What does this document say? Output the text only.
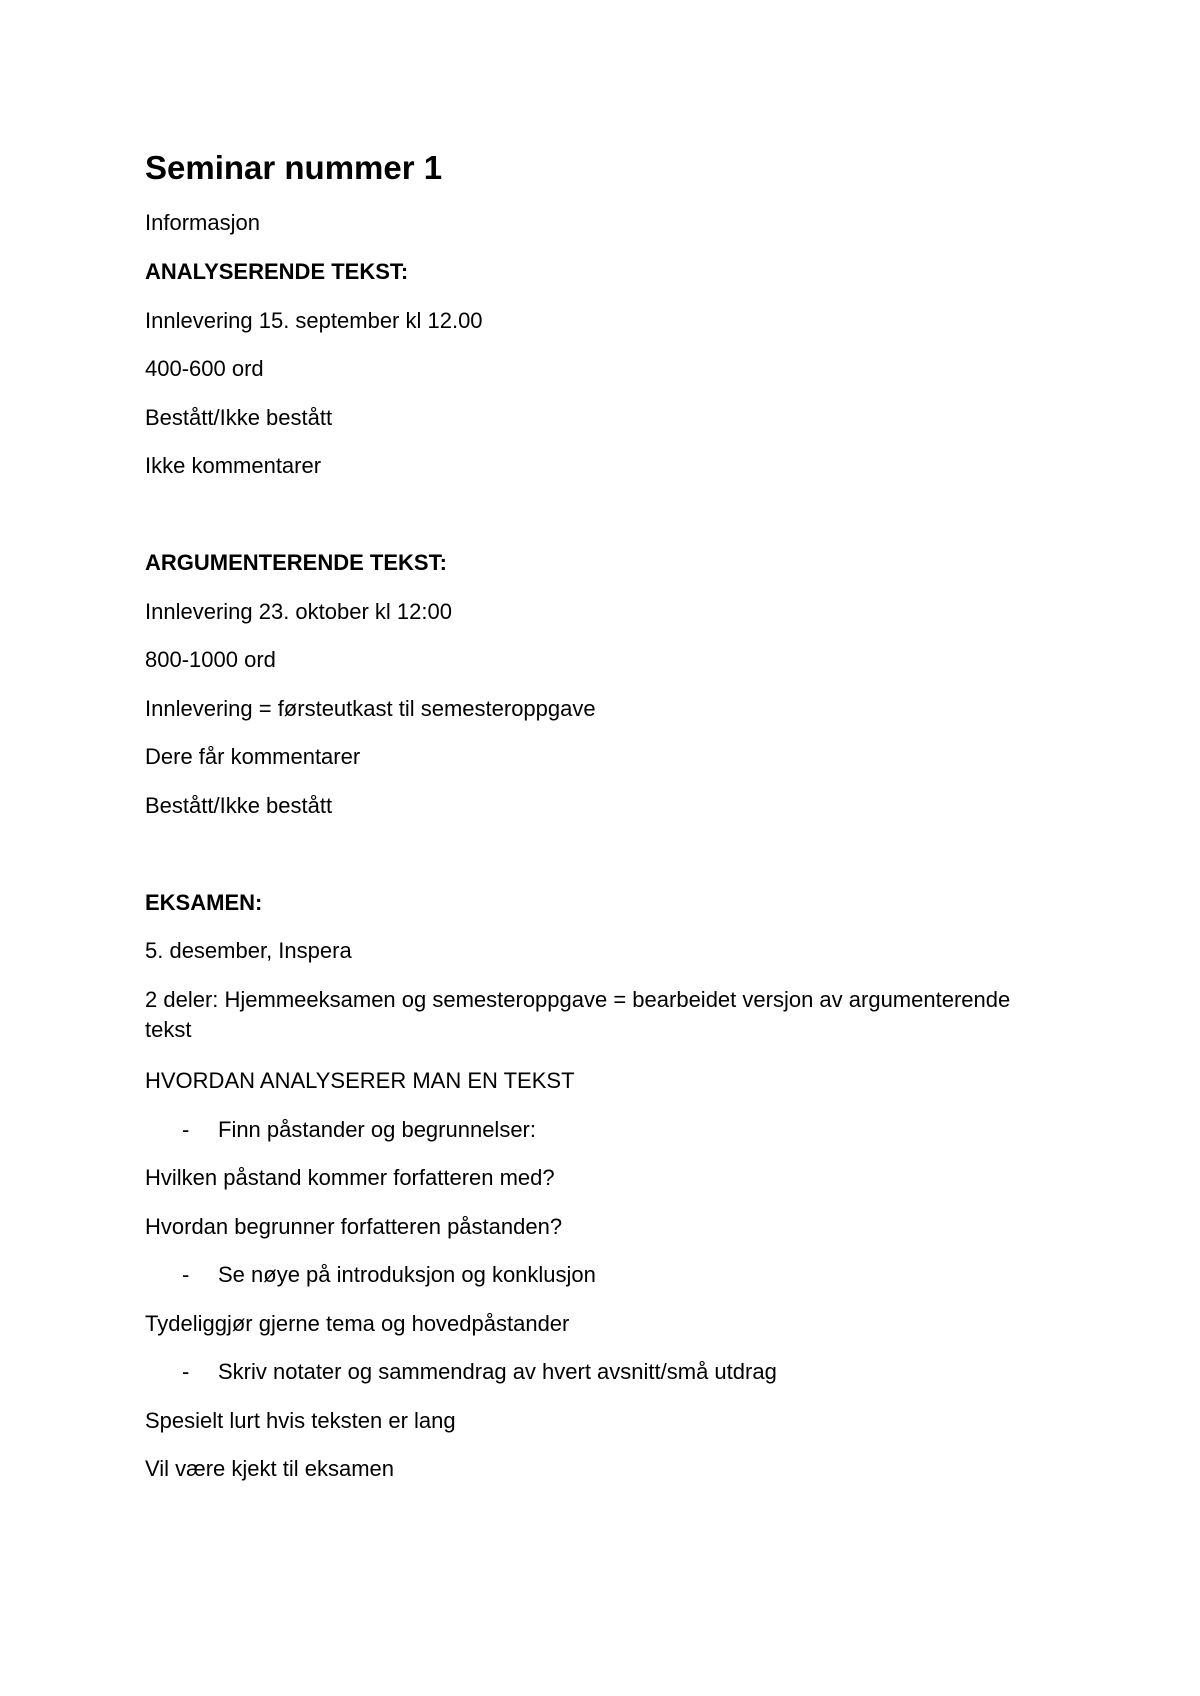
Seminar nummer 1
Informasjon
ANALYSERENDE TEKST:
Innlevering 15. september kl 12.00
400-600 ord
Bestått/Ikke bestått
Ikke kommentarer
ARGUMENTERENDE TEKST:
Innlevering 23. oktober kl 12:00
800-1000 ord
Innlevering = førsteutkast til semesteroppgave
Dere får kommentarer
Bestått/Ikke bestått
EKSAMEN:
5. desember, Inspera
2 deler: Hjemmeeksamen og semesteroppgave = bearbeidet versjon av argumenterende tekst
HVORDAN ANALYSERER MAN EN TEKST
- Finn påstander og begrunnelser:
Hvilken påstand kommer forfatteren med?
Hvordan begrunner forfatteren påstanden?
- Se nøye på introduksjon og konklusjon
Tydeliggjør gjerne tema og hovedpåstander
- Skriv notater og sammendrag av hvert avsnitt/små utdrag
Spesielt lurt hvis teksten er lang
Vil være kjekt til eksamen
